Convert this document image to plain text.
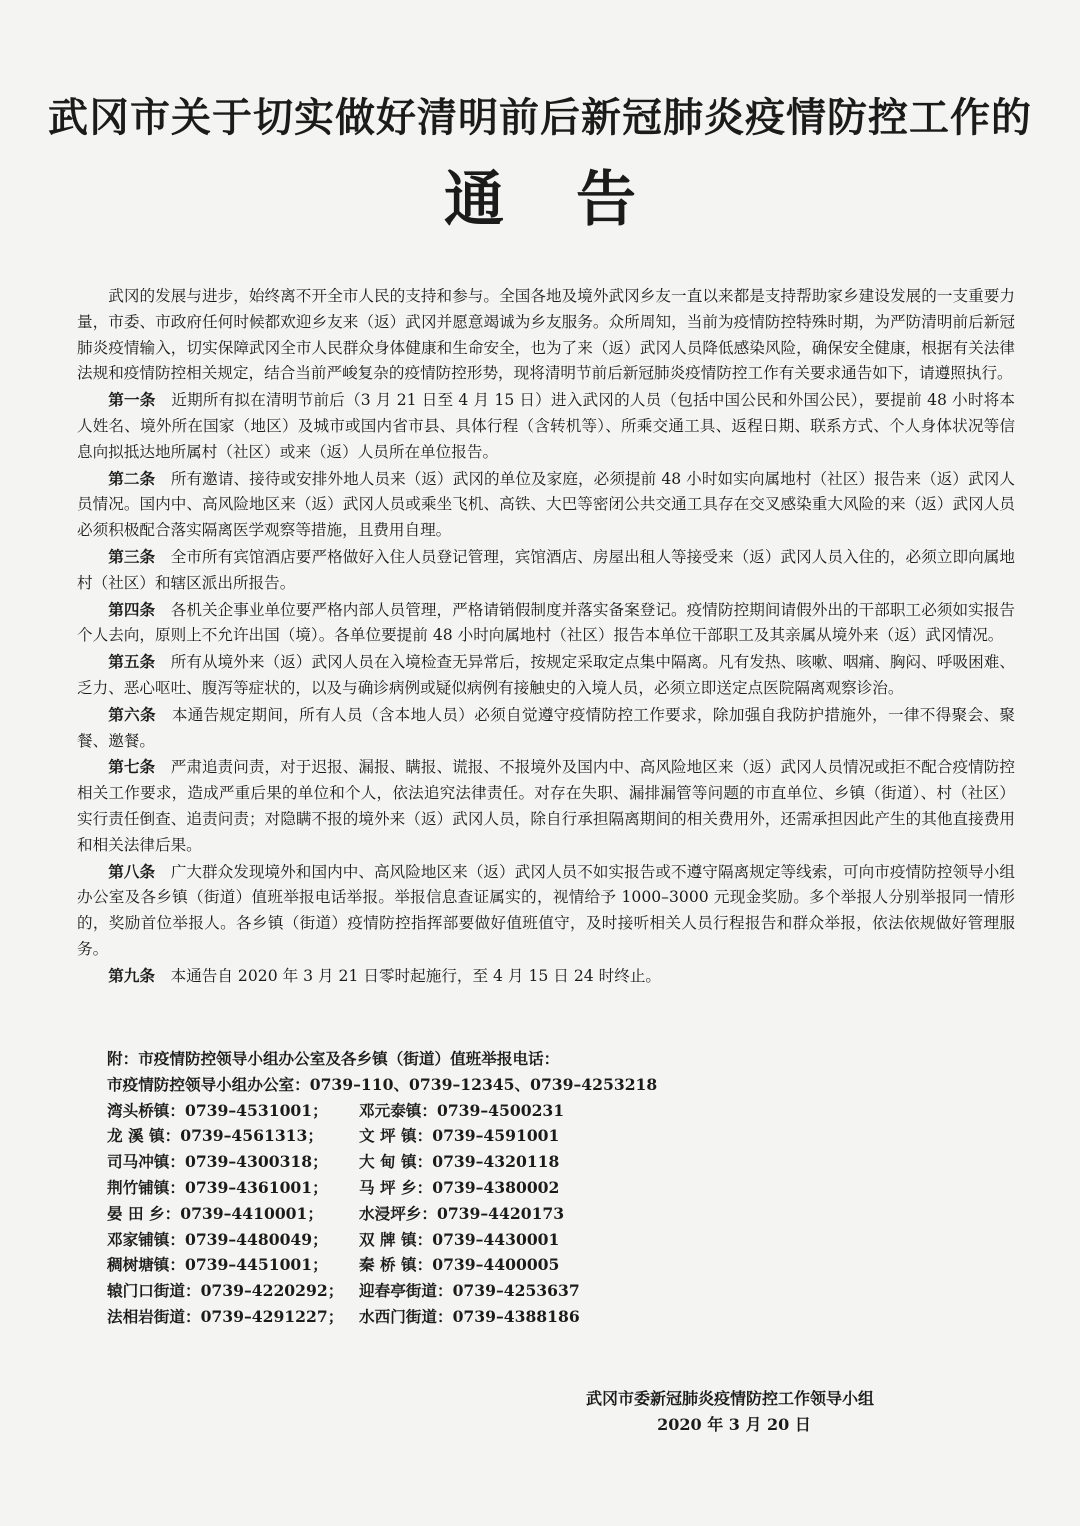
武冈市关于切实做好清明前后新冠肺炎疫情防控工作的
通告

武冈的发展与进步，始终离不开全市人民的支持和参与。全国各地及境外武冈乡友一直以来都是支持帮助家乡建设发展的一支重要力量，市委、市政府任何时候都欢迎乡友来（返）武冈并愿意竭诚为乡友服务。众所周知，当前为疫情防控特殊时期，为严防清明前后新冠肺炎疫情输入，切实保障武冈全市人民群众身体健康和生命安全，也为了来（返）武冈人员降低感染风险，确保安全健康，根据有关法律法规和疫情防控相关规定，结合当前严峻复杂的疫情防控形势，现将清明节前后新冠肺炎疫情防控工作有关要求通告如下，请遵照执行。

第一条　 近期所有拟在清明节前后（3 月 21 日至 4 月 15 日）进入武冈的人员（包括中国公民和外国公民），要提前 48 小时将本人姓名、境外所在国家（地区）及城市或国内省市县、具体行程（含转机等）、所乘交通工具、返程日期、联系方式、个人身体状况等信息向拟抵达地所属村（社区）或来（返）人员所在单位报告。

第二条　 所有邀请、接待或安排外地人员来（返）武冈的单位及家庭，必须提前 48 小时如实向属地村（社区）报告来（返）武冈人员情况。国内中、高风险地区来（返）武冈人员或乘坐飞机、高铁、大巴等密闭公共交通工具存在交叉感染重大风险的来（返）武冈人员必须积极配合落实隔离医学观察等措施，且费用自理。

第三条　 全市所有宾馆酒店要严格做好入住人员登记管理，宾馆酒店、房屋出租人等接受来（返）武冈人员入住的，必须立即向属地村（社区）和辖区派出所报告。

第四条　 各机关企事业单位要严格内部人员管理，严格请销假制度并落实备案登记。疫情防控期间请假外出的干部职工必须如实报告个人去向，原则上不允许出国（境）。各单位要提前 48 小时向属地村（社区）报告本单位干部职工及其亲属从境外来（返）武冈情况。

第五条　 所有从境外来（返）武冈人员在入境检查无异常后，按规定采取定点集中隔离。凡有发热、咳嗽、咽痛、胸闷、呼吸困难、乏力、恶心呕吐、腹泻等症状的，以及与确诊病例或疑似病例有接触史的入境人员，必须立即送定点医院隔离观察诊治。

第六条　 本通告规定期间，所有人员（含本地人员）必须自觉遵守疫情防控工作要求，除加强自我防护措施外，一律不得聚会、聚餐、邀餐。

第七条　 严肃追责问责，对于迟报、漏报、瞒报、谎报、不报境外及国内中、高风险地区来（返）武冈人员情况或拒不配合疫情防控相关工作要求，造成严重后果的单位和个人，依法追究法律责任。对存在失职、漏排漏管等问题的市直单位、乡镇（街道）、村（社区）实行责任倒查、追责问责；对隐瞒不报的境外来（返）武冈人员，除自行承担隔离期间的相关费用外，还需承担因此产生的其他直接费用和相关法律后果。

第八条　 广大群众发现境外和国内中、高风险地区来（返）武冈人员不如实报告或不遵守隔离规定等线索，可向市疫情防控领导小组办公室及各乡镇（街道）值班举报电话举报。举报信息查证属实的，视情给予 1000–3000 元现金奖励。多个举报人分别举报同一情形的，奖励首位举报人。各乡镇（街道）疫情防控指挥部要做好值班值守，及时接听相关人员行程报告和群众举报，依法依规做好管理服务。

第九条　 本通告自 2020 年 3 月 21 日零时起施行，至 4 月 15 日 24 时终止。

附：市疫情防控领导小组办公室及各乡镇（街道）值班举报电话：
市疫情防控领导小组办公室：0739–110、0739–12345、0739–4253218
湾头桥镇：0739–4531001；	邓元泰镇：0739–4500231
龙 溪 镇：0739–4561313；	文 坪 镇：0739–4591001
司马冲镇：0739–4300318；	大 甸 镇：0739–4320118
荆竹铺镇：0739–4361001；	马 坪 乡：0739–4380002
晏 田 乡：0739–4410001；	水浸坪乡：0739–4420173
邓家铺镇：0739–4480049；	双 牌 镇：0739–4430001
稠树塘镇：0739–4451001；	秦 桥 镇：0739–4400005
辕门口街道：0739–4220292；	迎春亭街道：0739–4253637
法相岩街道：0739–4291227；	水西门街道：0739–4388186
武冈市委新冠肺炎疫情防控工作领导小组
2020 年 3 月 20 日
